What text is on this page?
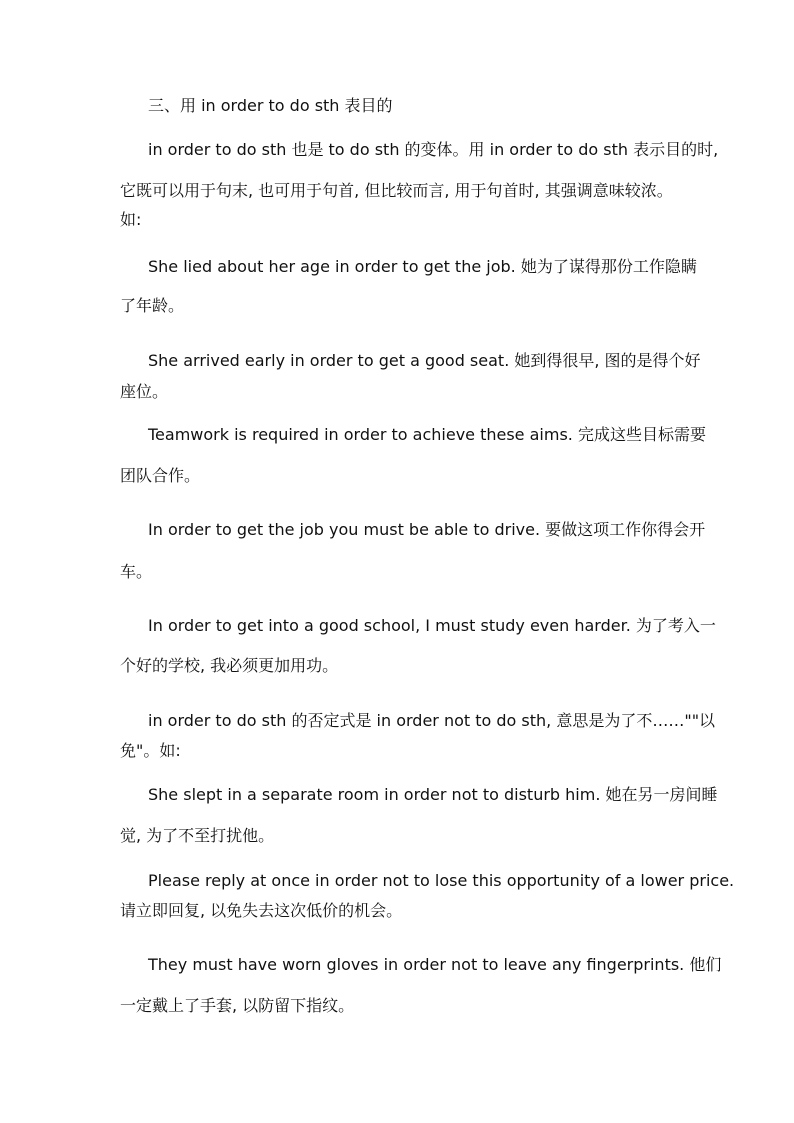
三、用 in order to do sth 表目的
in order to do sth 也是 to do sth 的变体。用 in order to do sth 表示目的时,
它既可以用于句末, 也可用于句首, 但比较而言, 用于句首时, 其强调意味较浓。
如:
She lied about her age in order to get the job. 她为了谋得那份工作隐瞒
了年龄。
She arrived early in order to get a good seat. 她到得很早, 图的是得个好
座位。
Teamwork is required in order to achieve these aims. 完成这些目标需要
团队合作。
In order to get the job you must be able to drive. 要做这项工作你得会开
车。
In order to get into a good school, I must study even harder. 为了考入一
个好的学校, 我必须更加用功。
in order to do sth 的否定式是 in order not to do sth, 意思是为了不……""以
免"。如:
She slept in a separate room in order not to disturb him. 她在另一房间睡
觉, 为了不至打扰他。
Please reply at once in order not to lose this opportunity of a lower price.
请立即回复, 以免失去这次低价的机会。
They must have worn gloves in order not to leave any fingerprints. 他们
一定戴上了手套, 以防留下指纹。
